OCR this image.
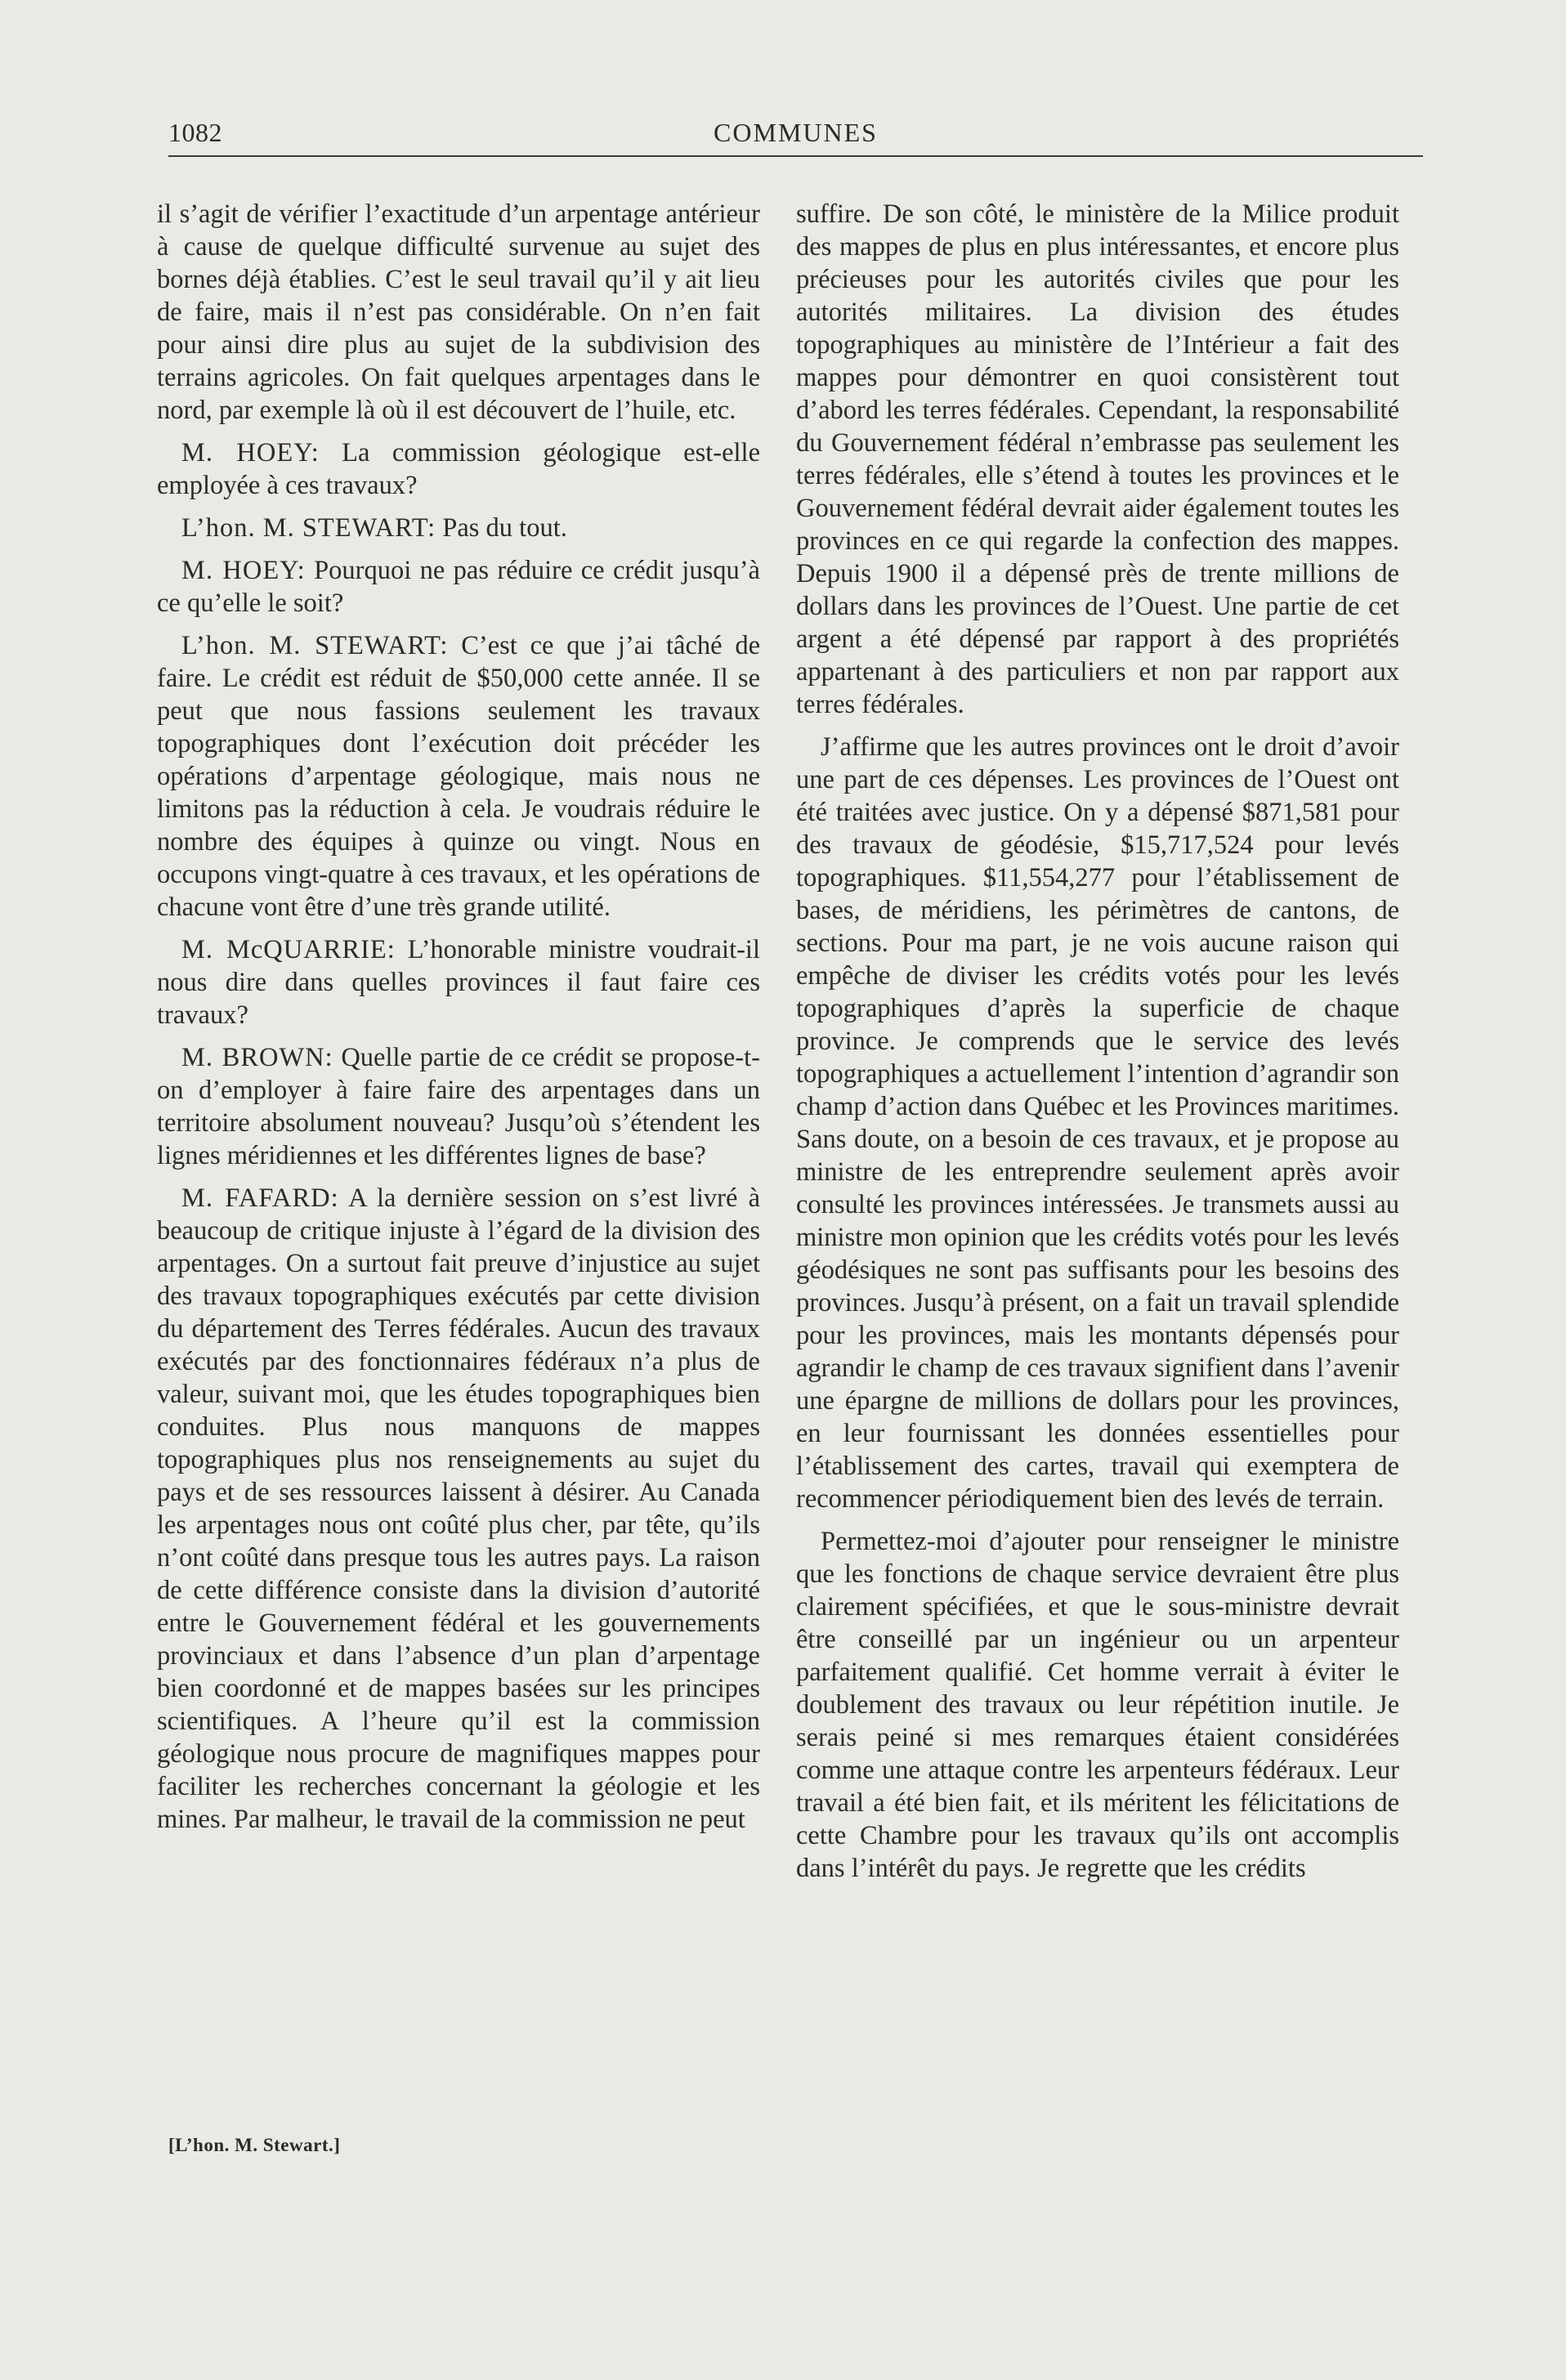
1082	COMMUNES

il s’agit de vérifier l’exactitude d’un arpentage antérieur à cause de quelque difficulté survenue au sujet des bornes déjà établies. C’est le seul travail qu’il y ait lieu de faire, mais il n’est pas considérable. On n’en fait pour ainsi dire plus au sujet de la subdivision des terrains agricoles. On fait quelques arpentages dans le nord, par exemple là où il est découvert de l’huile, etc.

M. HOEY: La commission géologique est-elle employée à ces travaux?

L’hon. M. STEWART: Pas du tout.

M. HOEY: Pourquoi ne pas réduire ce crédit jusqu’à ce qu’elle le soit?

L’hon. M. STEWART: C’est ce que j’ai tâché de faire. Le crédit est réduit de $50,000 cette année. Il se peut que nous fassions seulement les travaux topographiques dont l’exécution doit précéder les opérations d’arpentage géologique, mais nous ne limitons pas la réduction à cela. Je voudrais réduire le nombre des équipes à quinze ou vingt. Nous en occupons vingt-quatre à ces travaux, et les opérations de chacune vont être d’une très grande utilité.

M. McQUARRIE: L’honorable ministre voudrait-il nous dire dans quelles provinces il faut faire ces travaux?

M. BROWN: Quelle partie de ce crédit se propose-t-on d’employer à faire faire des arpentages dans un territoire absolument nouveau? Jusqu’où s’étendent les lignes méridiennes et les différentes lignes de base?

M. FAFARD: A la dernière session on s’est livré à beaucoup de critique injuste à l’égard de la division des arpentages. On a surtout fait preuve d’injustice au sujet des travaux topographiques exécutés par cette division du département des Terres fédérales. Aucun des travaux exécutés par des fonctionnaires fédéraux n’a plus de valeur, suivant moi, que les études topographiques bien conduites. Plus nous manquons de mappes topographiques plus nos renseignements au sujet du pays et de ses ressources laissent à désirer. Au Canada les arpentages nous ont coûté plus cher, par tête, qu’ils n’ont coûté dans presque tous les autres pays. La raison de cette différence consiste dans la division d’autorité entre le Gouvernement fédéral et les gouvernements provinciaux et dans l’absence d’un plan d’arpentage bien coordonné et de mappes basées sur les principes scientifiques. A l’heure qu’il est la commission géologique nous procure de magnifiques mappes pour faciliter les recherches concernant la géologie et les mines. Par malheur, le travail de la commission ne peut

suffire. De son côté, le ministère de la Milice produit des mappes de plus en plus intéressantes, et encore plus précieuses pour les autorités civiles que pour les autorités militaires. La division des études topographiques au ministère de l’Intérieur a fait des mappes pour démontrer en quoi consistèrent tout d’abord les terres fédérales. Cependant, la responsabilité du Gouvernement fédéral n’embrasse pas seulement les terres fédérales, elle s’étend à toutes les provinces et le Gouvernement fédéral devrait aider également toutes les provinces en ce qui regarde la confection des mappes. Depuis 1900 il a dépensé près de trente millions de dollars dans les provinces de l’Ouest. Une partie de cet argent a été dépensé par rapport à des propriétés appartenant à des particuliers et non par rapport aux terres fédérales.

J’affirme que les autres provinces ont le droit d’avoir une part de ces dépenses. Les provinces de l’Ouest ont été traitées avec justice. On y a dépensé $871,581 pour des travaux de géodésie, $15,717,524 pour levés topographiques. $11,554,277 pour l’établissement de bases, de méridiens, les périmètres de cantons, de sections. Pour ma part, je ne vois aucune raison qui empêche de diviser les crédits votés pour les levés topographiques d’après la superficie de chaque province. Je comprends que le service des levés topographiques a actuellement l’intention d’agrandir son champ d’action dans Québec et les Provinces maritimes. Sans doute, on a besoin de ces travaux, et je propose au ministre de les entreprendre seulement après avoir consulté les provinces intéressées. Je transmets aussi au ministre mon opinion que les crédits votés pour les levés géodésiques ne sont pas suffisants pour les besoins des provinces. Jusqu’à présent, on a fait un travail splendide pour les provinces, mais les montants dépensés pour agrandir le champ de ces travaux signifient dans l’avenir une épargne de millions de dollars pour les provinces, en leur fournissant les données essentielles pour l’établissement des cartes, travail qui exemptera de recommencer périodiquement bien des levés de terrain.

Permettez-moi d’ajouter pour renseigner le ministre que les fonctions de chaque service devraient être plus clairement spécifiées, et que le sous-ministre devrait être conseillé par un ingénieur ou un arpenteur parfaitement qualifié. Cet homme verrait à éviter le doublement des travaux ou leur répétition inutile. Je serais peiné si mes remarques étaient considérées comme une attaque contre les arpenteurs fédéraux. Leur travail a été bien fait, et ils méritent les félicitations de cette Chambre pour les travaux qu’ils ont accomplis dans l’intérêt du pays. Je regrette que les crédits

[L’hon. M. Stewart.]
